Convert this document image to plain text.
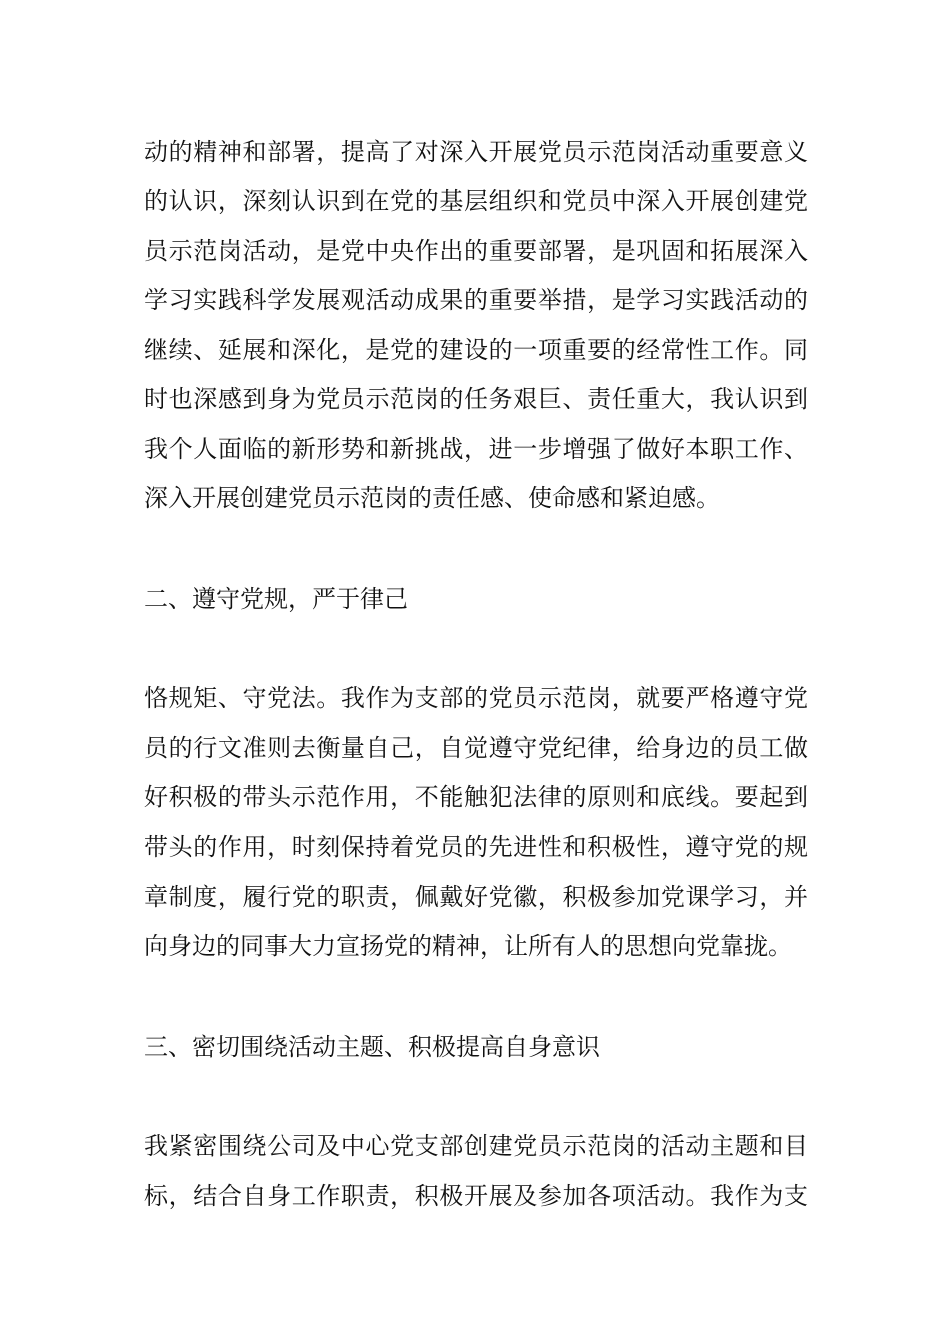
动的精神和部署，提高了对深入开展党员示范岗活动重要意义
的认识，深刻认识到在党的基层组织和党员中深入开展创建党
员示范岗活动，是党中央作出的重要部署，是巩固和拓展深入
学习实践科学发展观活动成果的重要举措，是学习实践活动的
继续、延展和深化，是党的建设的一项重要的经常性工作。同
时也深感到身为党员示范岗的任务艰巨、责任重大，我认识到
我个人面临的新形势和新挑战，进一步增强了做好本职工作、
深入开展创建党员示范岗的责任感、使命感和紧迫感。
二、遵守党规，严于律己
恪规矩、守党法。我作为支部的党员示范岗，就要严格遵守党
员的行文准则去衡量自己，自觉遵守党纪律，给身边的员工做
好积极的带头示范作用，不能触犯法律的原则和底线。要起到
带头的作用，时刻保持着党员的先进性和积极性，遵守党的规
章制度，履行党的职责，佩戴好党徽，积极参加党课学习，并
向身边的同事大力宣扬党的精神，让所有人的思想向党靠拢。
三、密切围绕活动主题、积极提高自身意识
我紧密围绕公司及中心党支部创建党员示范岗的活动主题和目
标，结合自身工作职责，积极开展及参加各项活动。我作为支
